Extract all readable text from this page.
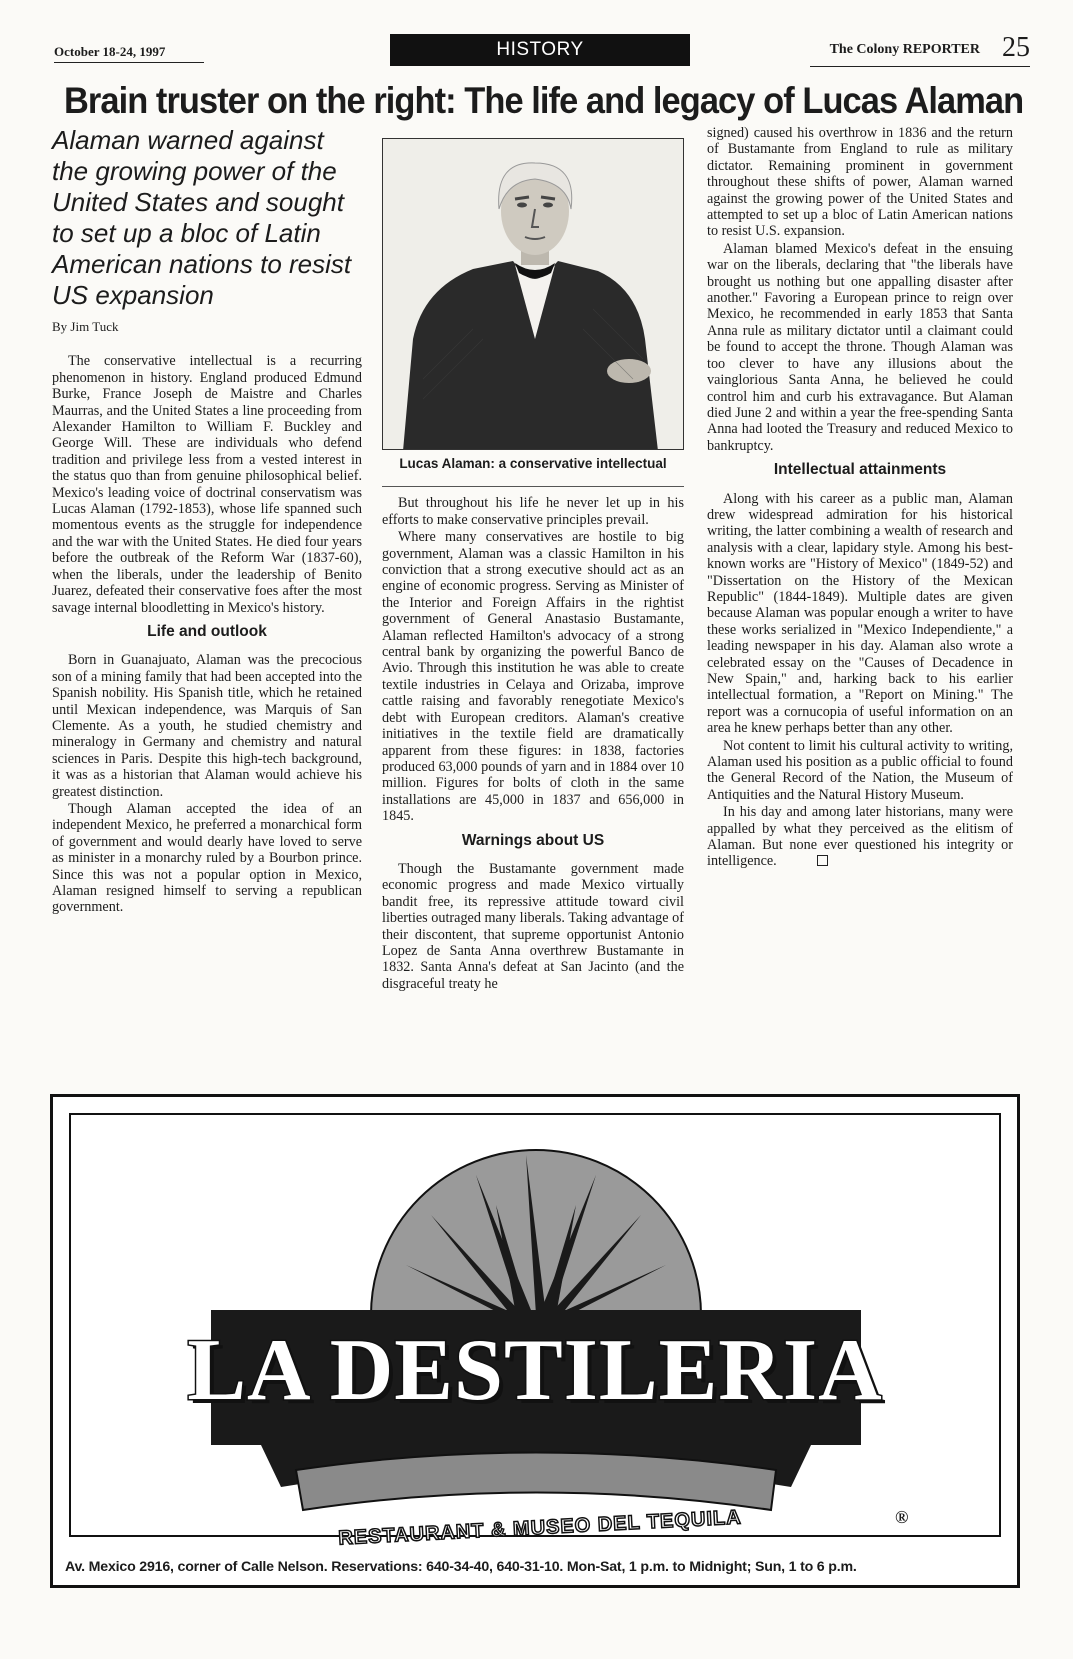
October 18-24, 1997	HISTORY	The Colony REPORTER 25
Brain truster on the right: The life and legacy of Lucas Alaman
Alaman warned against the growing power of the United States and sought to set up a bloc of Latin American nations to resist US expansion
By Jim Tuck

The conservative intellectual is a recurring phenomenon in history. England produced Edmund Burke, France Joseph de Maistre and Charles Maurras, and the United States a line proceeding from Alexander Hamilton to William F. Buckley and George Will. These are individuals who defend tradition and privilege less from a vested interest in the status quo than from genuine philosophical belief. Mexico's leading voice of doctrinal conservatism was Lucas Alaman (1792-1853), whose life spanned such momentous events as the struggle for independence and the war with the United States. He died four years before the outbreak of the Reform War (1837-60), when the liberals, under the leadership of Benito Juarez, defeated their conservative foes after the most savage internal bloodletting in Mexico's history.

Life and outlook

Born in Guanajuato, Alaman was the precocious son of a mining family that had been accepted into the Spanish nobility. His Spanish title, which he retained until Mexican independence, was Marquis of San Clemente. As a youth, he studied chemistry and mineralogy in Germany and chemistry and natural sciences in Paris. Despite this high-tech background, it was as a historian that Alaman would achieve his greatest distinction.

Though Alaman accepted the idea of an independent Mexico, he preferred a monarchical form of government and would dearly have loved to serve as minister in a monarchy ruled by a Bourbon prince. Since this was not a popular option in Mexico, Alaman resigned himself to serving a republican government.

Lucas Alaman: a conservative intellectual

But throughout his life he never let up in his efforts to make conservative principles prevail.

Where many conservatives are hostile to big government, Alaman was a classic Hamilton in his conviction that a strong executive should act as an engine of economic progress. Serving as Minister of the Interior and Foreign Affairs in the rightist government of General Anastasio Bustamante, Alaman reflected Hamilton's advocacy of a strong central bank by organizing the powerful Banco de Avio. Through this institution he was able to create textile industries in Celaya and Orizaba, improve cattle raising and favorably renegotiate Mexico's debt with European creditors. Alaman's creative initiatives in the textile field are dramatically apparent from these figures: in 1838, factories produced 63,000 pounds of yarn and in 1884 over 10 million. Figures for bolts of cloth in the same installations are 45,000 in 1837 and 656,000 in 1845.

Warnings about US

Though the Bustamante government made economic progress and made Mexico virtually bandit free, its repressive attitude toward civil liberties outraged many liberals. Taking advantage of their discontent, that supreme opportunist Antonio Lopez de Santa Anna overthrew Bustamante in 1832. Santa Anna's defeat at San Jacinto (and the disgraceful treaty he

signed) caused his overthrow in 1836 and the return of Bustamante from England to rule as military dictator. Remaining prominent in government throughout these shifts of power, Alaman warned against the growing power of the United States and attempted to set up a bloc of Latin American nations to resist U.S. expansion.

Alaman blamed Mexico's defeat in the ensuing war on the liberals, declaring that "the liberals have brought us nothing but one appalling disaster after another." Favoring a European prince to reign over Mexico, he recommended in early 1853 that Santa Anna rule as military dictator until a claimant could be found to accept the throne. Though Alaman was too clever to have any illusions about the vainglorious Santa Anna, he believed he could control him and curb his extravagance. But Alaman died June 2 and within a year the free-spending Santa Anna had looted the Treasury and reduced Mexico to bankruptcy.

Intellectual attainments

Along with his career as a public man, Alaman drew widespread admiration for his historical writing, the latter combining a wealth of research and analysis with a clear, lapidary style. Among his best-known works are "History of Mexico" (1849-52) and "Dissertation on the History of the Mexican Republic" (1844-1849). Multiple dates are given because Alaman was popular enough a writer to have these works serialized in "Mexico Independiente," a leading newspaper in his day. Alaman also wrote a celebrated essay on the "Causes of Decadence in New Spain," and, harking back to his earlier intellectual formation, a "Report on Mining." The report was a cornucopia of useful information on an area he knew perhaps better than any other.

Not content to limit his cultural activity to writing, Alaman used his position as a public official to found the General Record of the Nation, the Museum of Antiquities and the Natural History Museum.

In his day and among later historians, many were appalled by what they perceived as the elitism of Alaman. But none ever questioned his integrity or intelligence.

LA DESTILERIA
RESTAURANT & MUSEO DEL TEQUILA	®
Av. Mexico 2916, corner of Calle Nelson. Reservations: 640-34-40, 640-31-10. Mon-Sat, 1 p.m. to Midnight; Sun, 1 to 6 p.m.
